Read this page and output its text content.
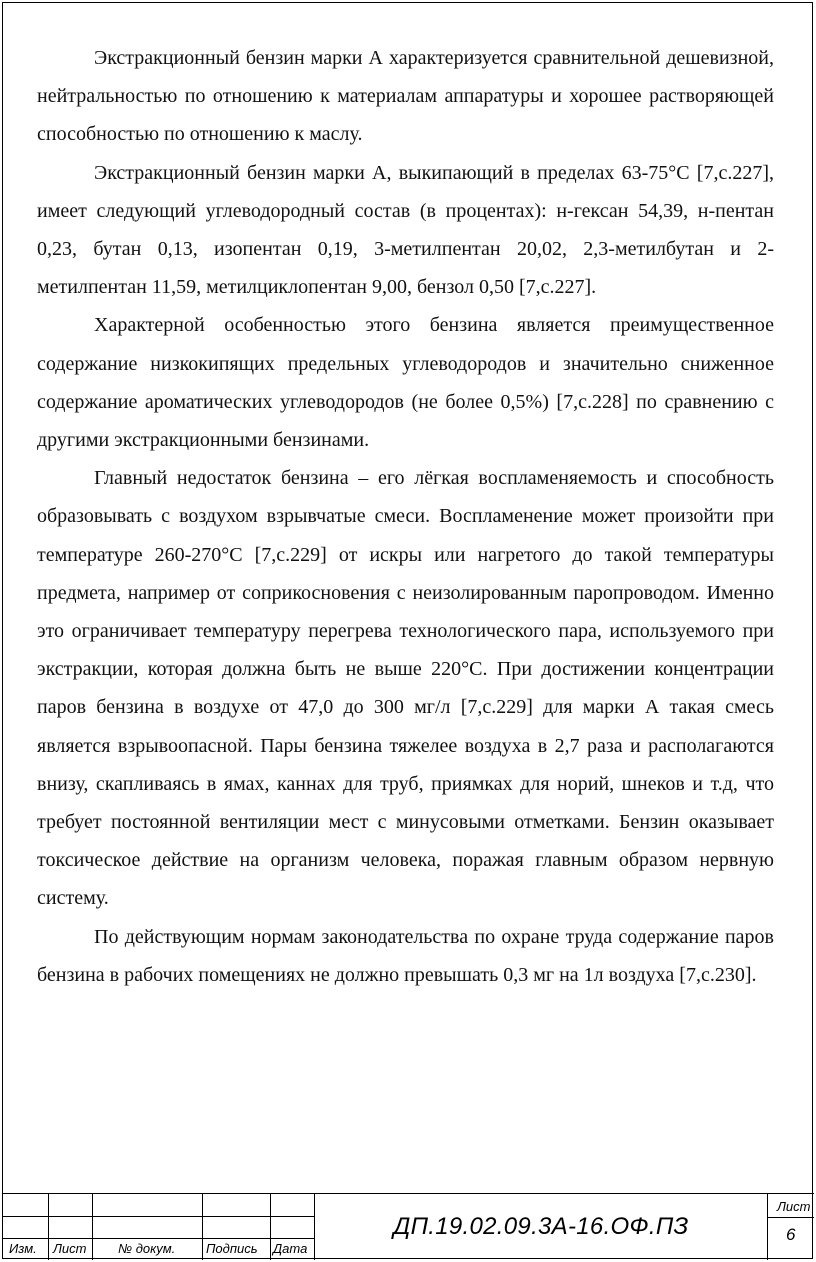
Экстракционный бензин марки А характеризуется сравнительной дешевизной, нейтральностью по отношению к материалам аппаратуры и хорошее растворяющей способностью по отношению к маслу.

Экстракционный бензин марки А, выкипающий в пределах 63-75°С [7,с.227], имеет следующий углеводородный состав (в процентах): н-гексан 54,39, н-пентан 0,23, бутан 0,13, изопентан 0,19, 3-метилпентан 20,02, 2,3-метилбутан и 2-метилпентан 11,59, метилциклопентан 9,00, бензол 0,50 [7,с.227].

Характерной особенностью этого бензина является преимущественное содержание низкокипящих предельных углеводородов и значительно сниженное содержание ароматических углеводородов (не более 0,5%) [7,с.228] по сравнению с другими экстракционными бензинами.

Главный недостаток бензина – его лёгкая воспламеняемость и способность образовывать с воздухом взрывчатые смеси. Воспламенение может произойти при температуре 260-270°С [7,с.229] от искры или нагретого до такой температуры предмета, например от соприкосновения с неизолированным паропроводом. Именно это ограничивает температуру перегрева технологического пара, используемого при экстракции, которая должна быть не выше 220°С. При достижении концентрации паров бензина в воздухе от 47,0 до 300 мг/л [7,с.229] для марки А такая смесь является взрывоопасной. Пары бензина тяжелее воздуха в 2,7 раза и располагаются внизу, скапливаясь в ямах, каннах для труб, приямках для норий, шнеков и т.д, что требует постоянной вентиляции мест с минусовыми отметками. Бензин оказывает токсическое действие на организм человека, поражая главным образом нервную систему.

По действующим нормам законодательства по охране труда содержание паров бензина в рабочих помещениях не должно превышать 0,3 мг на 1л воздуха [7,с.230].

Изм. Лист № докум. Подпись Дата
ДП.19.02.09.3А-16.ОФ.ПЗ
Лист
6
